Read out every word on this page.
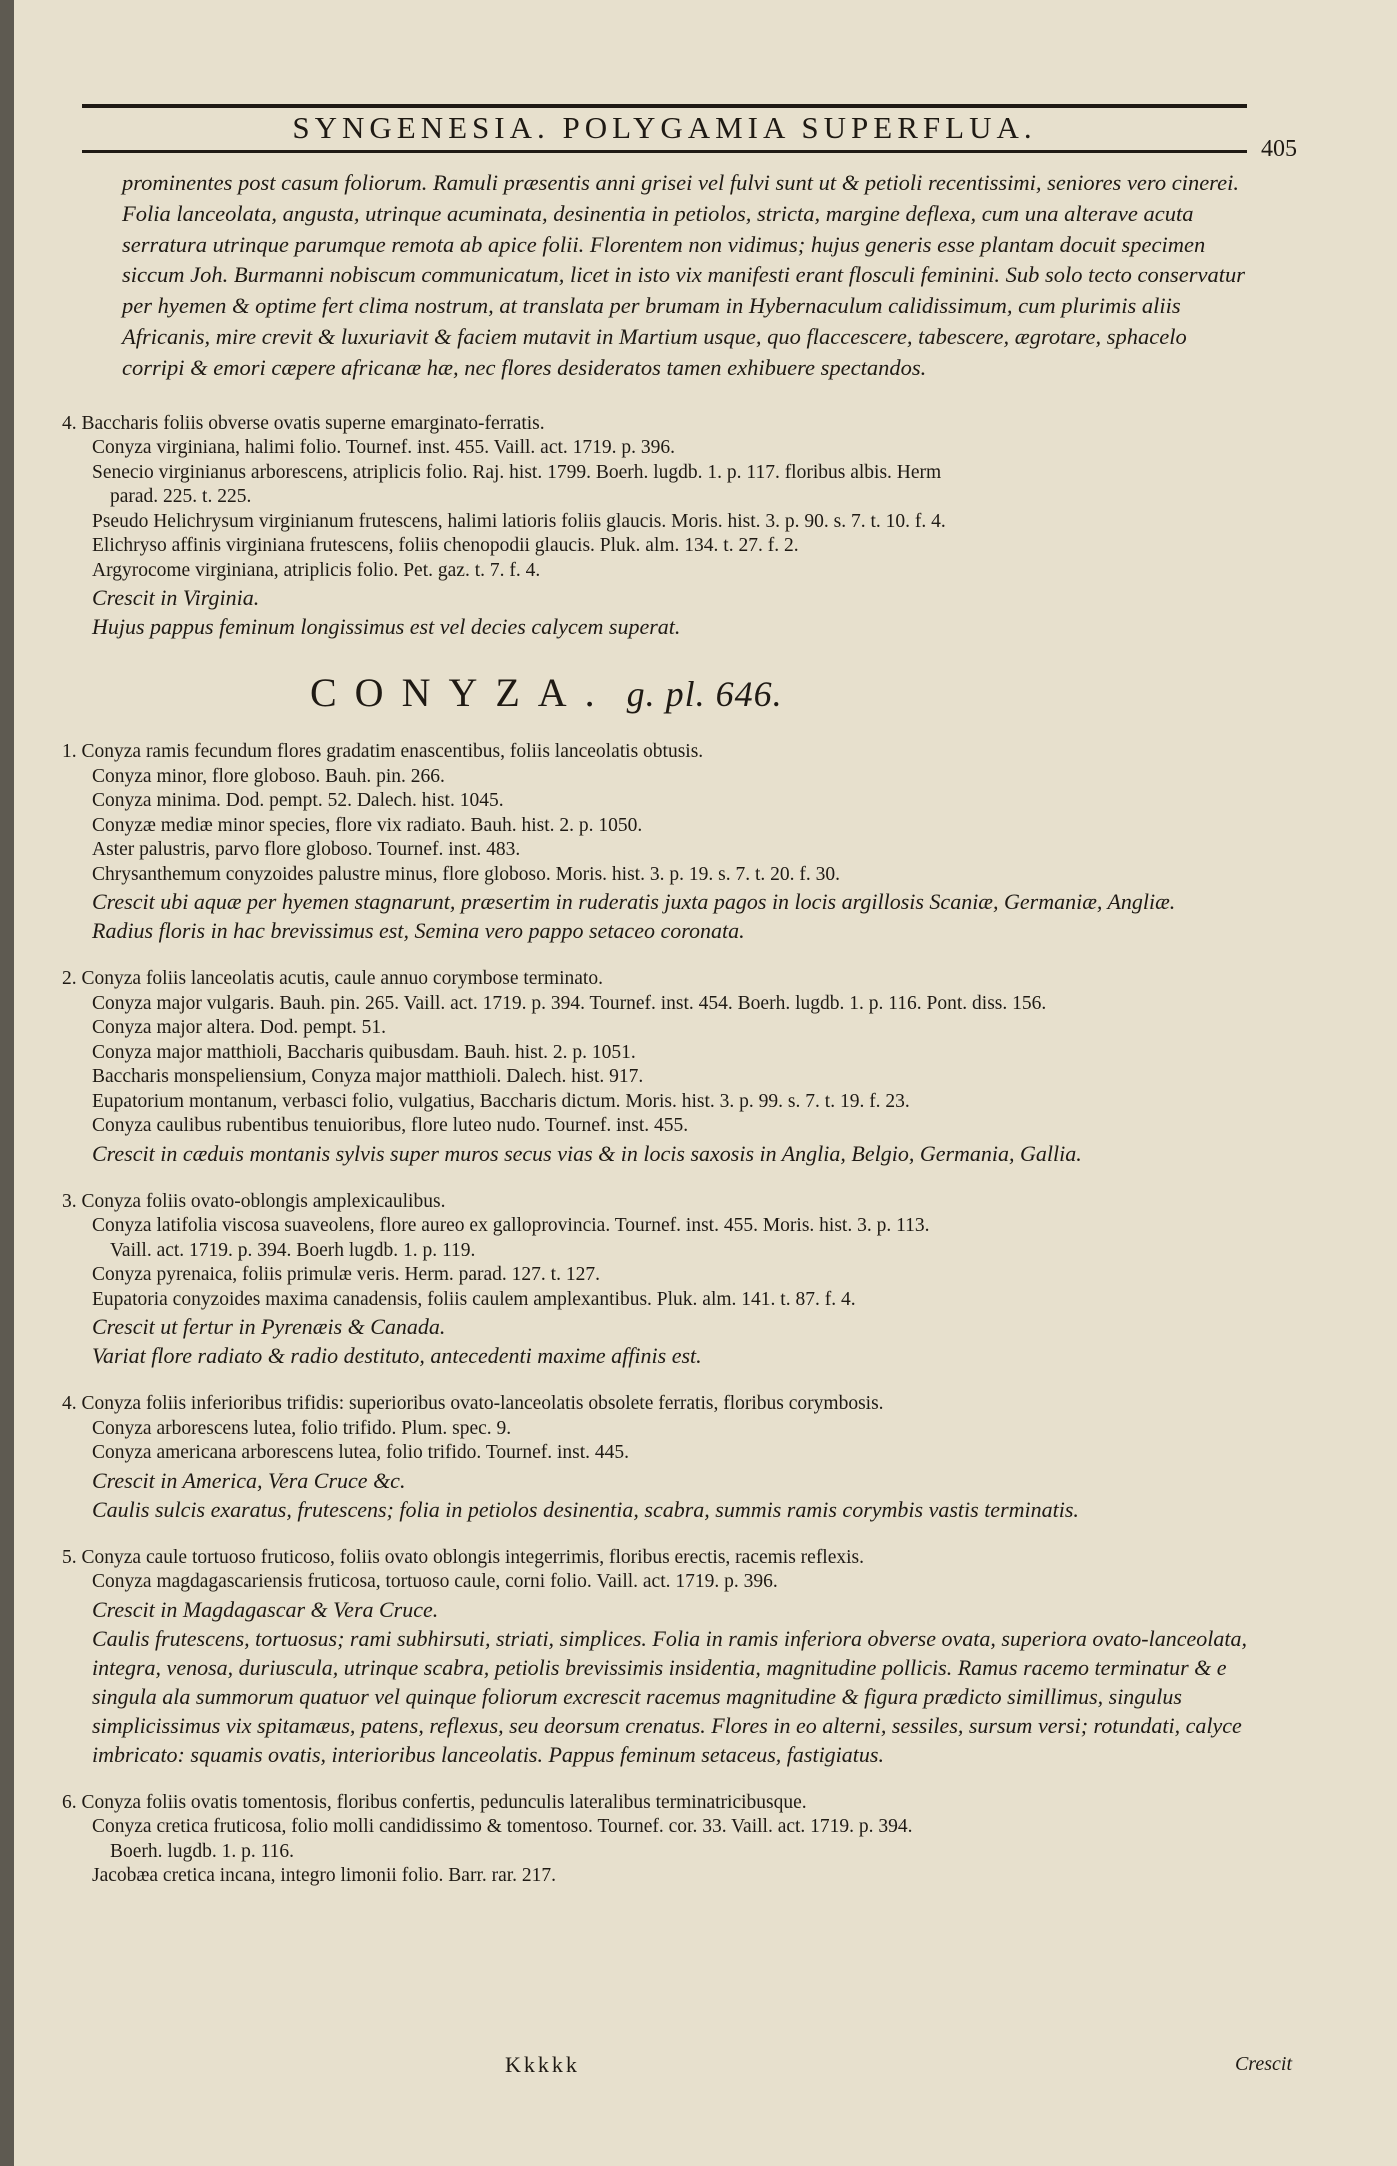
SYNGENESIA. POLYGAMIA SUPERFLUA.
405
prominentes post casum foliorum. Ramuli præsentis anni grisei vel fulvi sunt ut & petioli recentissimi, seniores vero cinerei. Folia lanceolata, angusta, utrinque acuminata, desinentia in petiolos, stricta, margine deflexa, cum una alterave acuta serratura utrinque parumque remota ab apice folii. Florentem non vidimus; hujus generis esse plantam docuit specimen siccum Joh. Burmanni nobiscum communicatum, licet in isto vix manifesti erant flosculi feminini. Sub solo tecto conservatur per hyemen & optime fert clima nostrum, at translata per brumam in Hybernaculum calidissimum, cum plurimis aliis Africanis, mire crevit & luxuriavit & faciem mutavit in Martium usque, quo flaccescere, tabescere, ægrotare, sphacelo corripi & emori cæpere africanæ hæ, nec flores desideratos tamen exhibuere spectandos.
4. Baccharis foliis obverse ovatis superne emarginato-ferratis.
Conyza virginiana, halimi folio. Tournef. inst. 455. Vaill. act. 1719. p. 396.
Senecio virginianus arborescens, atriplicis folio. Raj. hist. 1799. Boerh. lugdb. 1. p. 117. floribus albis. Herm
parad. 225. t. 225.
Pseudo Helichrysum virginianum frutescens, halimi latioris foliis glaucis. Moris. hist. 3. p. 90. s. 7. t. 10. f. 4.
Elichryso affinis virginiana frutescens, foliis chenopodii glaucis. Pluk. alm. 134. t. 27. f. 2.
Argyrocome virginiana, atriplicis folio. Pet. gaz. t. 7. f. 4.
Crescit in Virginia.
Hujus pappus feminum longissimus est vel decies calycem superat.
CONYZA. g. pl. 646.
1. Conyza ramis fecundum flores gradatim enascentibus, foliis lanceolatis obtusis.
Conyza minor, flore globoso. Bauh. pin. 266.
Conyza minima. Dod. pempt. 52. Dalech. hist. 1045.
Conyzæ mediæ minor species, flore vix radiato. Bauh. hist. 2. p. 1050.
Aster palustris, parvo flore globoso. Tournef. inst. 483.
Chrysanthemum conyzoides palustre minus, flore globoso. Moris. hist. 3. p. 19. s. 7. t. 20. f. 30.
Crescit ubi aquæ per hyemen stagnarunt, præsertim in ruderatis juxta pagos in locis argillosis Scaniæ, Germaniæ, Angliæ.
Radius floris in hac brevissimus est, Semina vero pappo setaceo coronata.
2. Conyza foliis lanceolatis acutis, caule annuo corymbose terminato.
Conyza major vulgaris. Bauh. pin. 265. Vaill. act. 1719. p. 394. Tournef. inst. 454. Boerh. lugdb. 1. p. 116. Pont. diss. 156.
Conyza major altera. Dod. pempt. 51.
Conyza major matthioli, Baccharis quibusdam. Bauh. hist. 2. p. 1051.
Baccharis monspeliensium, Conyza major matthioli. Dalech. hist. 917.
Eupatorium montanum, verbasci folio, vulgatius, Baccharis dictum. Moris. hist. 3. p. 99. s. 7. t. 19. f. 23.
Conyza caulibus rubentibus tenuioribus, flore luteo nudo. Tournef. inst. 455.
Crescit in cæduis montanis sylvis super muros secus vias & in locis saxosis in Anglia, Belgio, Germania, Gallia.
3. Conyza foliis ovato-oblongis amplexicaulibus.
Conyza latifolia viscosa suaveolens, flore aureo ex galloprovincia. Tournef. inst. 455. Moris. hist. 3. p. 113.
Vaill. act. 1719. p. 394. Boerh lugdb. 1. p. 119.
Conyza pyrenaica, foliis primulæ veris. Herm. parad. 127. t. 127.
Eupatoria conyzoides maxima canadensis, foliis caulem amplexantibus. Pluk. alm. 141. t. 87. f. 4.
Crescit ut fertur in Pyrenæis & Canada.
Variat flore radiato & radio destituto, antecedenti maxime affinis est.
4. Conyza foliis inferioribus trifidis: superioribus ovato-lanceolatis obsolete ferratis, floribus corymbosis.
Conyza arborescens lutea, folio trifido. Plum. spec. 9.
Conyza americana arborescens lutea, folio trifido. Tournef. inst. 445.
Crescit in America, Vera Cruce &c.
Caulis sulcis exaratus, frutescens; folia in petiolos desinentia, scabra, summis ramis corymbis vastis terminatis.
5. Conyza caule tortuoso fruticoso, foliis ovato oblongis integerrimis, floribus erectis, racemis reflexis.
Conyza magdagascariensis fruticosa, tortuoso caule, corni folio. Vaill. act. 1719. p. 396.
Crescit in Magdagascar & Vera Cruce.
Caulis frutescens, tortuosus; rami subhirsuti, striati, simplices. Folia in ramis inferiora obverse ovata, superiora ovato-lanceolata, integra, venosa, duriuscula, utrinque scabra, petiolis brevissimis insidentia, magnitudine pollicis. Ramus racemo terminatur & e singula ala summorum quatuor vel quinque foliorum excrescit racemus magnitudine & figura prædicto simillimus, singulus simplicissimus vix spitamæus, patens, reflexus, seu deorsum crenatus. Flores in eo alterni, sessiles, sursum versi; rotundati, calyce imbricato: squamis ovatis, interioribus lanceolatis. Pappus feminum setaceus, fastigiatus.
6. Conyza foliis ovatis tomentosis, floribus confertis, pedunculis lateralibus terminatricibusque.
Conyza cretica fruticosa, folio molli candidissimo & tomentoso. Tournef. cor. 33. Vaill. act. 1719. p. 394.
Boerh. lugdb. 1. p. 116.
Jacobæa cretica incana, integro limonii folio. Barr. rar. 217.
Kkkkk	Crescit
